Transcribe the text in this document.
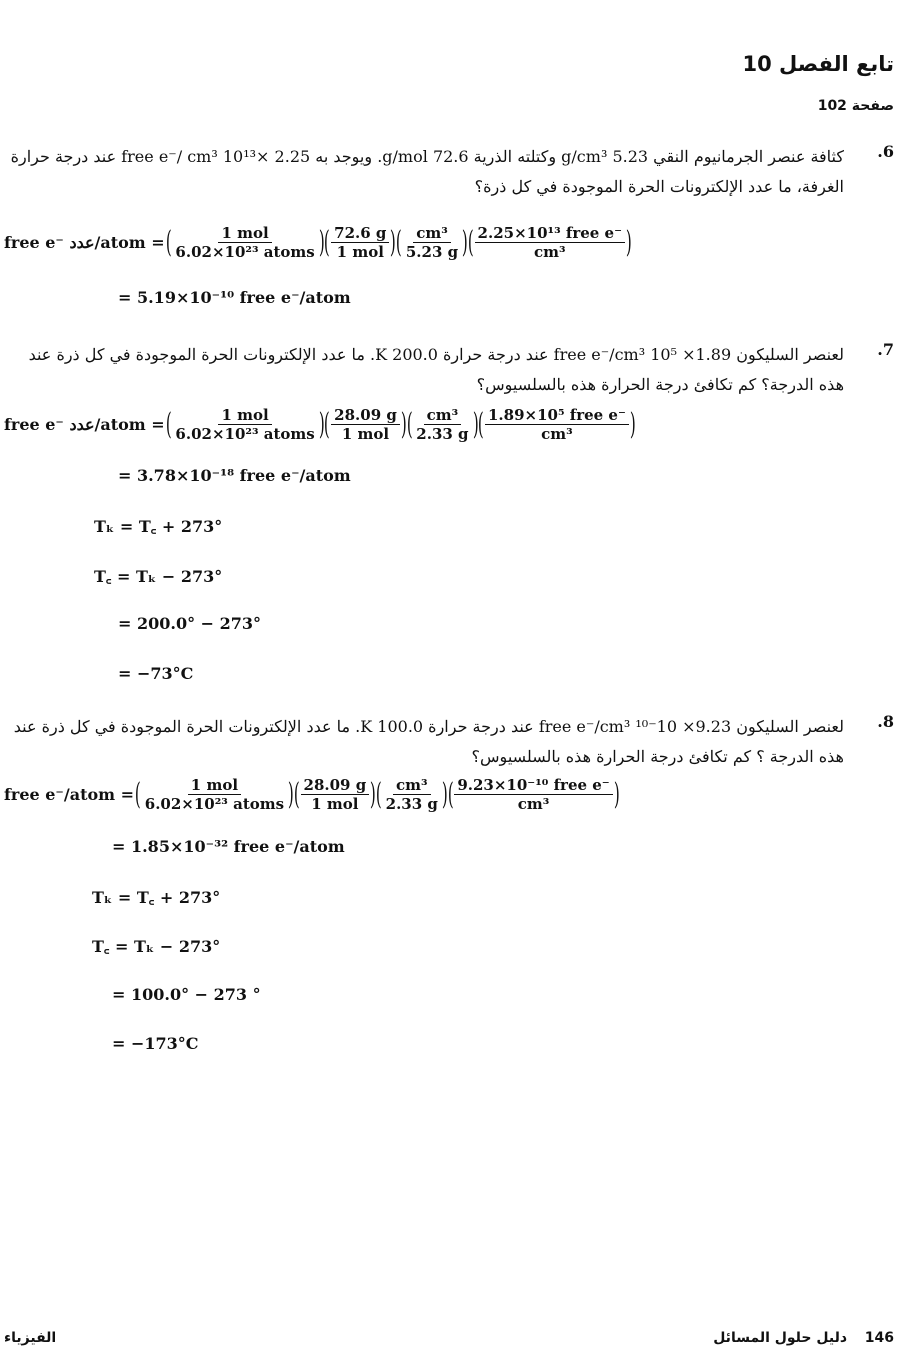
تابع الفصل 10
صفحة 102
6.
كثافة عنصر الجرمانيوم النقي 5.23 g/cm³ وكتلته الذرية 72.6 g/mol. ويوجد به 2.25 ×10¹³ free e⁻/ cm³ عند درجة حرارة الغرفة، ما عدد الإلكترونات الحرة الموجودة في كل ذرة؟
free e⁻ عدد/atom = ( $\frac{\text{1 mol}}{\text{6.02×10²³ atoms}}$ ) ( $\frac{72.6 g}{\text{1 mol}}$ ) ( $\frac{\text{cm³}}{5.23 g}$ ) ( $\frac{\text{2.25×10¹³ free e⁻}}{\text{cm³}}$ )
= 5.19×10⁻¹⁰ free e⁻/atom
7.
لعنصر السليكون 1.89× 10⁵ free e⁻/cm³ عند درجة حرارة 200.0 K. ما عدد الإلكترونات الحرة الموجودة في كل ذرة عند هذه الدرجة؟ كم تكافئ درجة الحرارة هذه بالسلسيوس؟
free e⁻ عدد/atom = ( $\frac{\text{1 mol}}{\text{6.02×10²³ atoms}}$ ) ( $\frac{28.09 g}{\text{1 mol}}$ ) ( $\frac{\text{cm³}}{2.33 g}$ ) ( $\frac{\text{1.89×10⁵ free e⁻}}{\text{cm³}}$ )
= 3.78×10⁻¹⁸ free e⁻/atom
Tₖ = T꜀ + 273°
T꜀ = Tₖ − 273°
= 200.0° − 273°
= −73°C
8.
لعنصر السليكون 9.23× 10⁻¹⁰ free e⁻/cm³ عند درجة حرارة 100.0 K. ما عدد الإلكترونات الحرة الموجودة في كل ذرة عند هذه الدرجة ؟ كم تكافئ درجة الحرارة هذه بالسلسيوس؟
free e⁻/atom = ( $\frac{\text{1 mol}}{\text{6.02×10²³ atoms}}$ ) ( $\frac{28.09 g}{\text{1 mol}}$ ) ( $\frac{\text{cm³}}{2.33 g}$ ) ( $\frac{\text{9.23×10⁻¹⁰ free e⁻}}{\text{cm³}}$ )
= 1.85×10⁻³² free e⁻/atom
Tₖ = T꜀ + 273°
T꜀ = Tₖ − 273°
= 100.0° − 273 °
= −173°C
الفيزياء	146  دليل حلول المسائل
